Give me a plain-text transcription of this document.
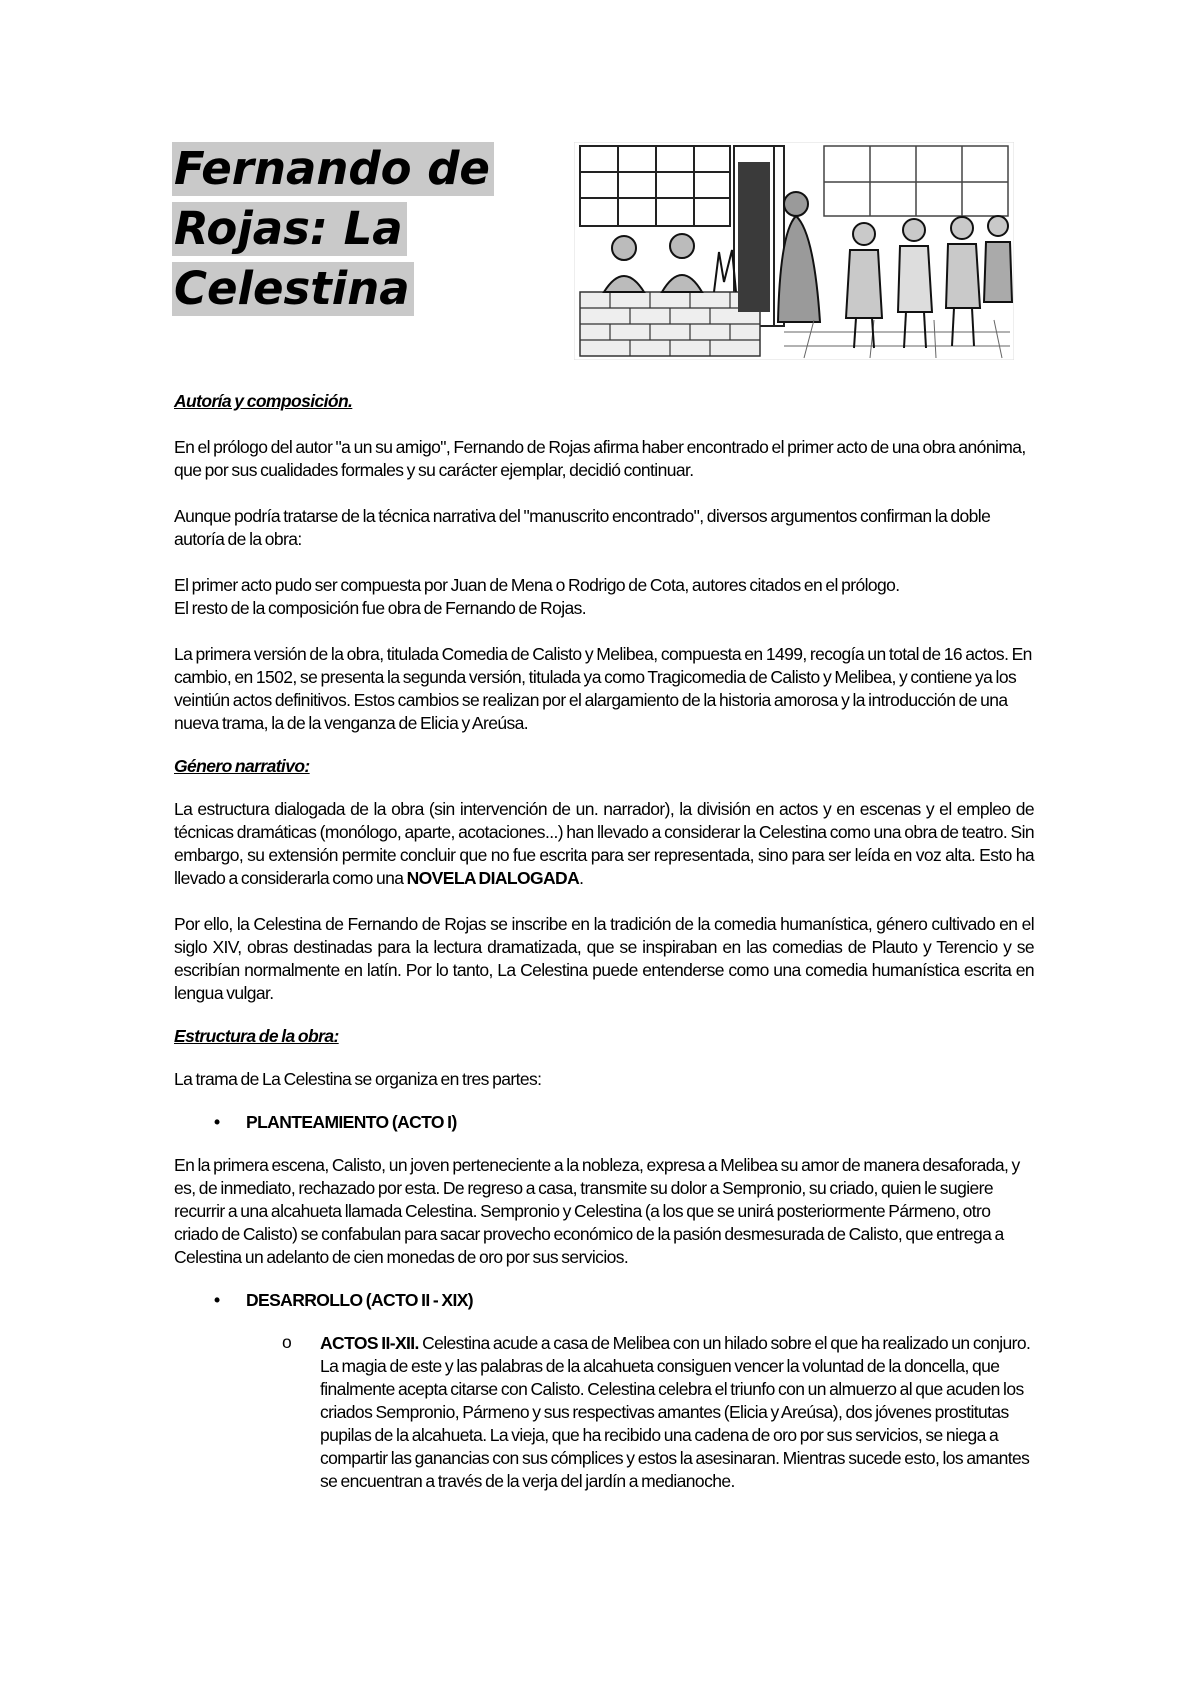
Fernando de
Rojas: La
Celestina

Autoría y composición.

En el prólogo del autor "a un su amigo", Fernando de Rojas afirma haber encontrado el primer acto de una obra anónima, que por sus cualidades formales y su carácter ejemplar, decidió continuar.

Aunque podría tratarse de la técnica narrativa del "manuscrito encontrado", diversos argumentos confirman la doble autoría de la obra:

El primer acto pudo ser compuesta por Juan de Mena o Rodrigo de Cota, autores citados en el prólogo.

El resto de la composición fue obra de Fernando de Rojas.

La primera versión de la obra, titulada Comedia de Calisto y Melibea, compuesta en 1499, recogía un total de 16 actos. En cambio, en 1502, se presenta la segunda versión, titulada ya como Tragicomedia de Calisto y Melibea, y contiene ya los veintiún actos definitivos. Estos cambios se realizan por el alargamiento de la historia amorosa y la introducción de una nueva trama, la de la venganza de Elicia y Areúsa.

Género narrativo:

La estructura dialogada de la obra (sin intervención de un. narrador), la división en actos y en escenas y el empleo de técnicas dramáticas (monólogo, aparte, acotaciones...) han llevado a considerar la Celestina como una obra de teatro. Sin embargo, su extensión permite concluir que no fue escrita para ser representada, sino para ser leída en voz alta. Esto ha llevado a considerarla como una NOVELA DIALOGADA.

Por ello, la Celestina de Fernando de Rojas se inscribe en la tradición de la comedia humanística, género cultivado en el siglo XIV, obras destinadas para la lectura dramatizada, que se inspiraban en las comedias de Plauto y Terencio y se escribían normalmente en latín. Por lo tanto, La Celestina puede entenderse como una comedia humanística escrita en lengua vulgar.

Estructura de la obra:

La trama de La Celestina se organiza en tres partes:

• PLANTEAMIENTO (ACTO I)

En la primera escena, Calisto, un joven perteneciente a la nobleza, expresa a Melibea su amor de manera desaforada, y es, de inmediato, rechazado por esta. De regreso a casa, transmite su dolor a Sempronio, su criado, quien le sugiere recurrir a una alcahueta llamada Celestina. Sempronio y Celestina (a los que se unirá posteriormente Pármeno, otro criado de Calisto) se confabulan para sacar provecho económico de la pasión desmesurada de Calisto, que entrega a Celestina un adelanto de cien monedas de oro por sus servicios.

• DESARROLLO (ACTO II - XIX)
o ACTOS II-XII. Celestina acude a casa de Melibea con un hilado sobre el que ha realizado un conjuro. La magia de este y las palabras de la alcahueta consiguen vencer la voluntad de la doncella, que finalmente acepta citarse con Calisto. Celestina celebra el triunfo con un almuerzo al que acuden los criados Sempronio, Pármeno y sus respectivas amantes (Elicia y Areúsa), dos jóvenes prostitutas pupilas de la alcahueta. La vieja, que ha recibido una cadena de oro por sus servicios, se niega a compartir las ganancias con sus cómplices y estos la asesinaran. Mientras sucede esto, los amantes se encuentran a través de la verja del jardín a medianoche.
